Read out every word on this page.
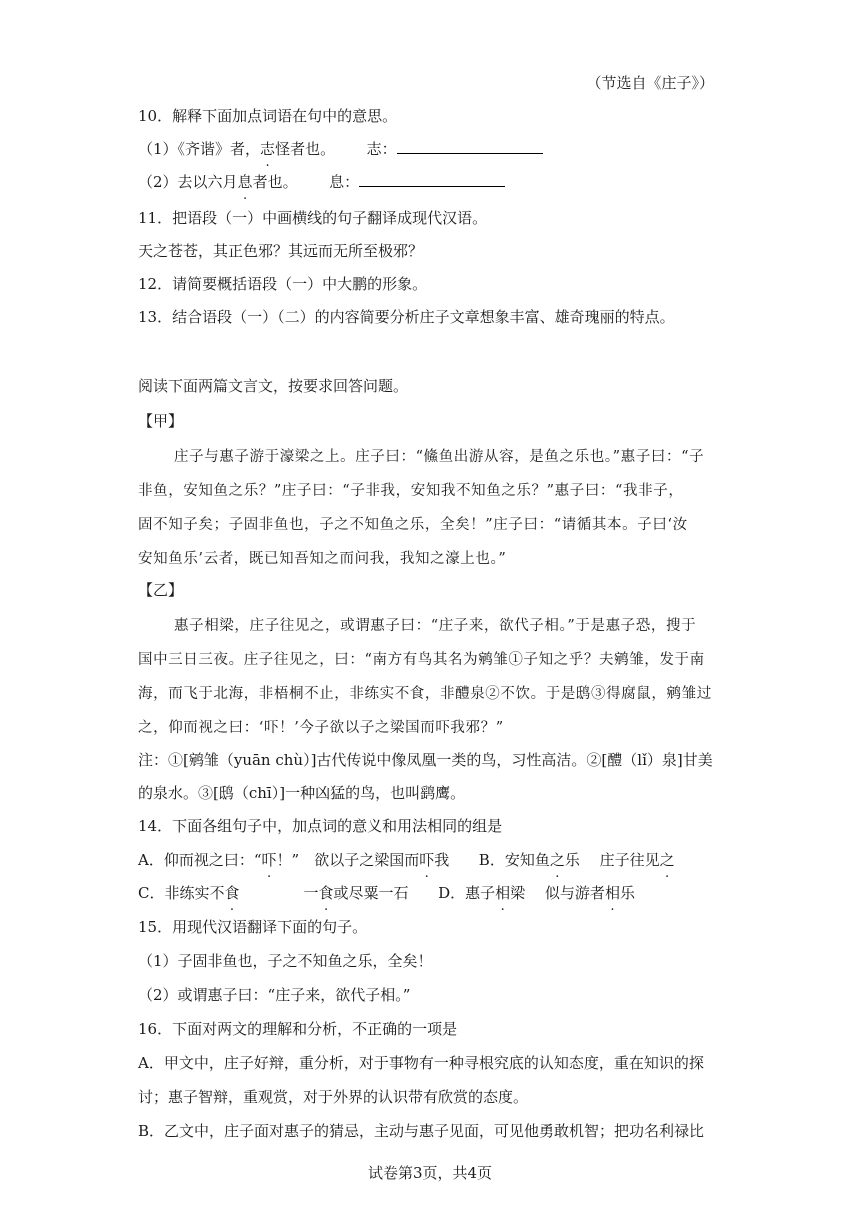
（节选自《庄子》）
10．解释下面加点词语在句中的意思。
（1）《齐谐》者，志怪者也。 志：
（2）去以六月息者也。 息：
11．把语段（一）中画横线的句子翻译成现代汉语。
天之苍苍，其正色邪？其远而无所至极邪？
12．请简要概括语段（一）中大鹏的形象。
13．结合语段（一）（二）的内容简要分析庄子文章想象丰富、雄奇瑰丽的特点。
阅读下面两篇文言文，按要求回答问题。
【甲】
庄子与惠子游于濠梁之上。庄子曰：“鯈鱼出游从容，是鱼之乐也。”惠子曰：“子
非鱼，安知鱼之乐？”庄子曰：“子非我，安知我不知鱼之乐？”惠子曰：“我非子，
固不知子矣；子固非鱼也，子之不知鱼之乐，全矣！”庄子曰：“请循其本。子曰‘汝
安知鱼乐’云者，既已知吾知之而问我，我知之濠上也。”
【乙】
惠子相梁，庄子往见之，或谓惠子曰：“庄子来，欲代子相。”于是惠子恐，搜于
国中三日三夜。庄子往见之，曰：“南方有鸟其名为鹓雏①子知之乎？夫鹓雏，发于南
海，而飞于北海，非梧桐不止，非练实不食，非醴泉②不饮。于是鸱③得腐鼠，鹓雏过
之，仰而视之曰：‘吓！’今子欲以子之梁国而吓我邪？”
注：①[鹓雏（yuān chù）]古代传说中像凤凰一类的鸟，习性高洁。②[醴（lǐ）泉]甘美
的泉水。③[鸱（chī）]一种凶猛的鸟，也叫鹞鹰。
14．下面各组句子中，加点词的意义和用法相同的组是
A．仰而视之曰：“吓！”　欲以子之梁国而吓我 B．安知鱼之乐　 庄子往见之
C．非练实不食	一食或尽粟一石 D．惠子相梁　 似与游者相乐
15．用现代汉语翻译下面的句子。
（1）子固非鱼也，子之不知鱼之乐，全矣！
（2）或谓惠子曰：“庄子来，欲代子相。”
16．下面对两文的理解和分析，不正确的一项是
A．甲文中，庄子好辩，重分析，对于事物有一种寻根究底的认知态度，重在知识的探
讨；惠子智辩，重观赏，对于外界的认识带有欣赏的态度。
B．乙文中，庄子面对惠子的猜忌，主动与惠子见面，可见他勇敢机智；把功名利禄比
试卷第3页，共4页
